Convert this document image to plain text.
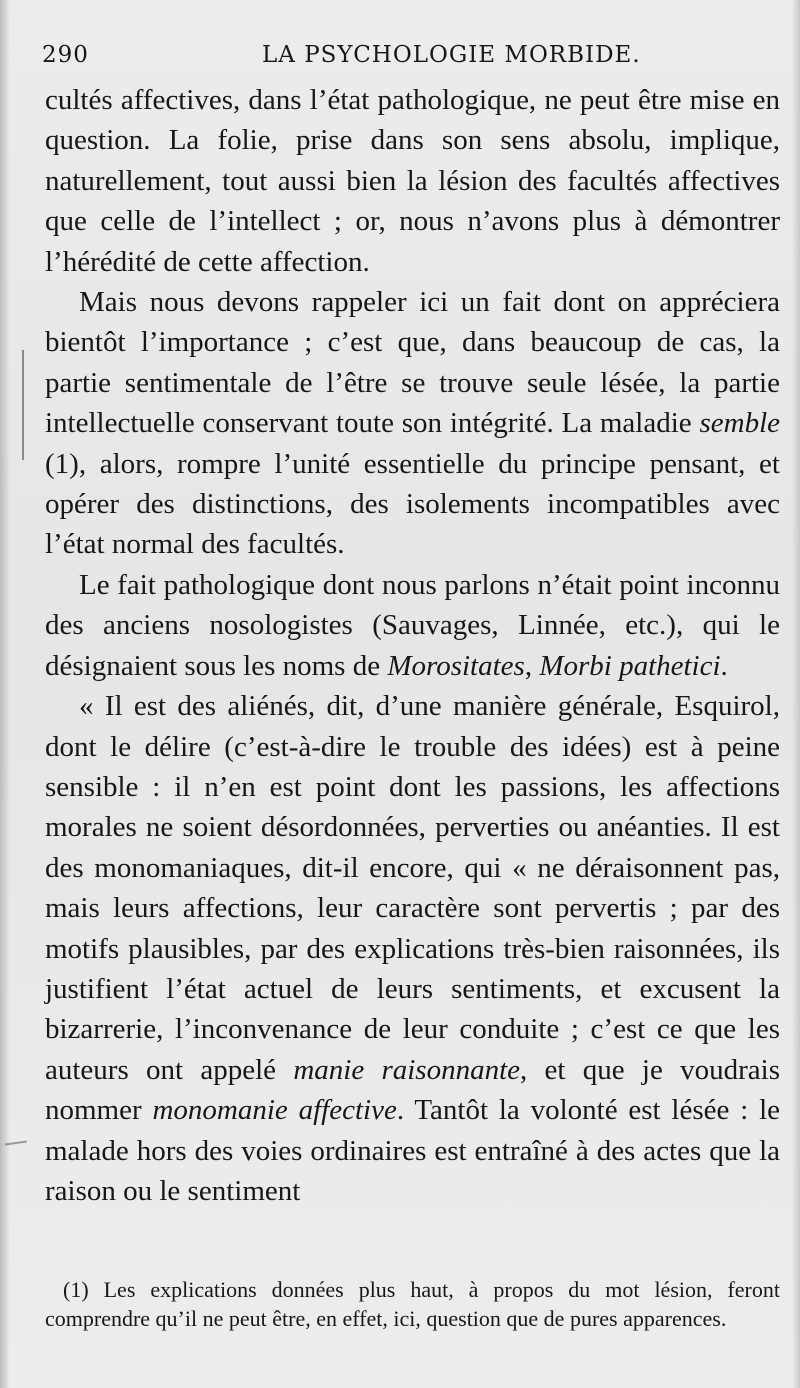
290	LA PSYCHOLOGIE MORBIDE.

cultés affectives, dans l’état pathologique, ne peut être mise en question. La folie, prise dans son sens absolu, implique, naturellement, tout aussi bien la lésion des facultés affectives que celle de l’intellect ; or, nous n’avons plus à démontrer l’hérédité de cette affection.

Mais nous devons rappeler ici un fait dont on appréciera bientôt l’importance ; c’est que, dans beaucoup de cas, la partie sentimentale de l’être se trouve seule lésée, la partie intellectuelle conservant toute son intégrité. La maladie semble (1), alors, rompre l’unité essentielle du principe pensant, et opérer des distinctions, des isolements incompatibles avec l’état normal des facultés.

Le fait pathologique dont nous parlons n’était point inconnu des anciens nosologistes (Sauvages, Linnée, etc.), qui le désignaient sous les noms de Morositates, Morbi pathetici.

« Il est des aliénés, dit, d’une manière générale, Esquirol, dont le délire (c’est-à-dire le trouble des idées) est à peine sensible : il n’en est point dont les passions, les affections morales ne soient désordonnées, perverties ou anéanties. Il est des monomaniaques, dit-il encore, qui « ne déraisonnent pas, mais leurs affections, leur caractère sont pervertis ; par des motifs plausibles, par des explications très-bien raisonnées, ils justifient l’état actuel de leurs sentiments, et excusent la bizarrerie, l’inconvenance de leur conduite ; c’est ce que les auteurs ont appelé manie raisonnante, et que je voudrais nommer monomanie affective. Tantôt la volonté est lésée : le malade hors des voies ordinaires est entraîné à des actes que la raison ou le sentiment

(1) Les explications données plus haut, à propos du mot lésion, feront comprendre qu’il ne peut être, en effet, ici, question que de pures apparences.
